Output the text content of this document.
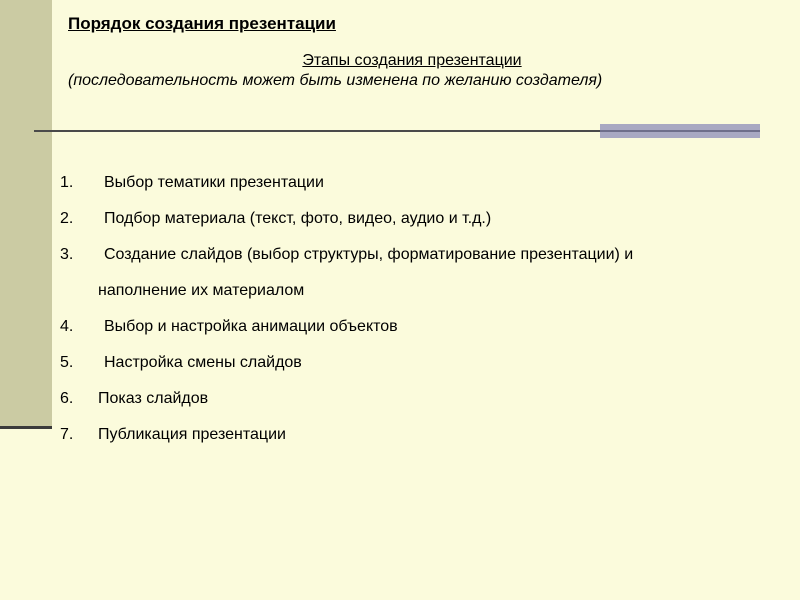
Порядок создания презентации
Этапы создания презентации
(последовательность может быть изменена по желанию создателя)
1. Выбор тематики презентации
2. Подбор материала (текст, фото, видео, аудио и т.д.)
3. Создание слайдов (выбор структуры, форматирование презентации) и
наполнение их материалом
4. Выбор и настройка анимации объектов
5. Настройка смены слайдов
6. Показ слайдов
7. Публикация презентации
